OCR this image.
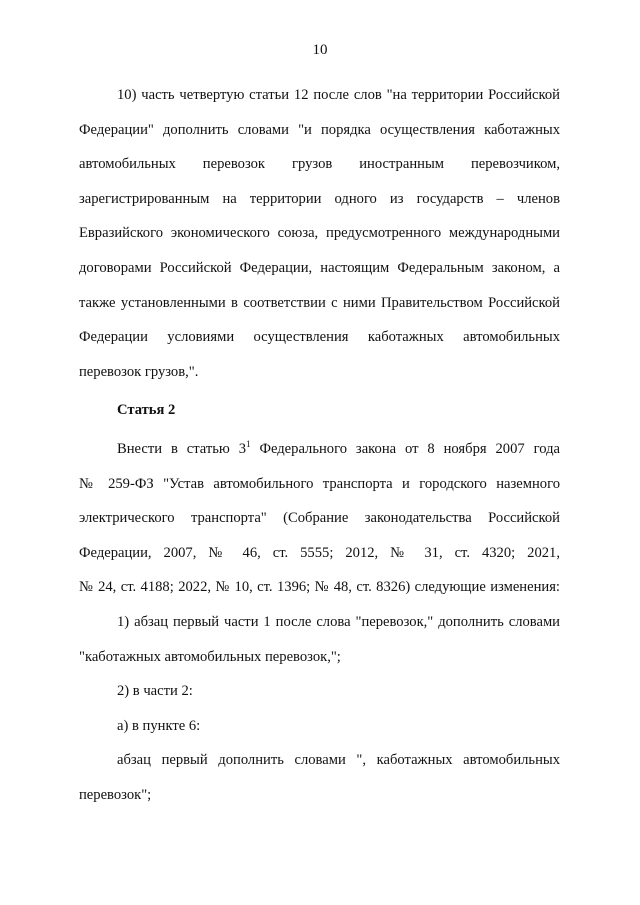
10
10) часть четвертую статьи 12 после слов "на территории Российской
Федерации" дополнить словами "и порядка осуществления каботажных
автомобильных перевозок грузов иностранным перевозчиком,
зарегистрированным на территории одного из государств – членов
Евразийского экономического союза, предусмотренного международными
договорами Российской Федерации, настоящим Федеральным законом, а
также установленными в соответствии с ними Правительством Российской
Федерации условиями осуществления каботажных автомобильных
перевозок грузов,".
Статья 2
Внести в статью $3^1$ Федерального закона от 8 ноября 2007 года
№ 259-ФЗ "Устав автомобильного транспорта и городского наземного
электрического транспорта" (Собрание законодательства Российской
Федерации, 2007, № 46, ст. 5555; 2012, № 31, ст. 4320; 2021,
№ 24, ст. 4188; 2022, № 10, ст. 1396; № 48, ст. 8326) следующие изменения:
1) абзац первый части 1 после слова "перевозок," дополнить словами
"каботажных автомобильных перевозок,";
2) в части 2:
а) в пункте 6:
абзац первый дополнить словами ", каботажных автомобильных
перевозок";
